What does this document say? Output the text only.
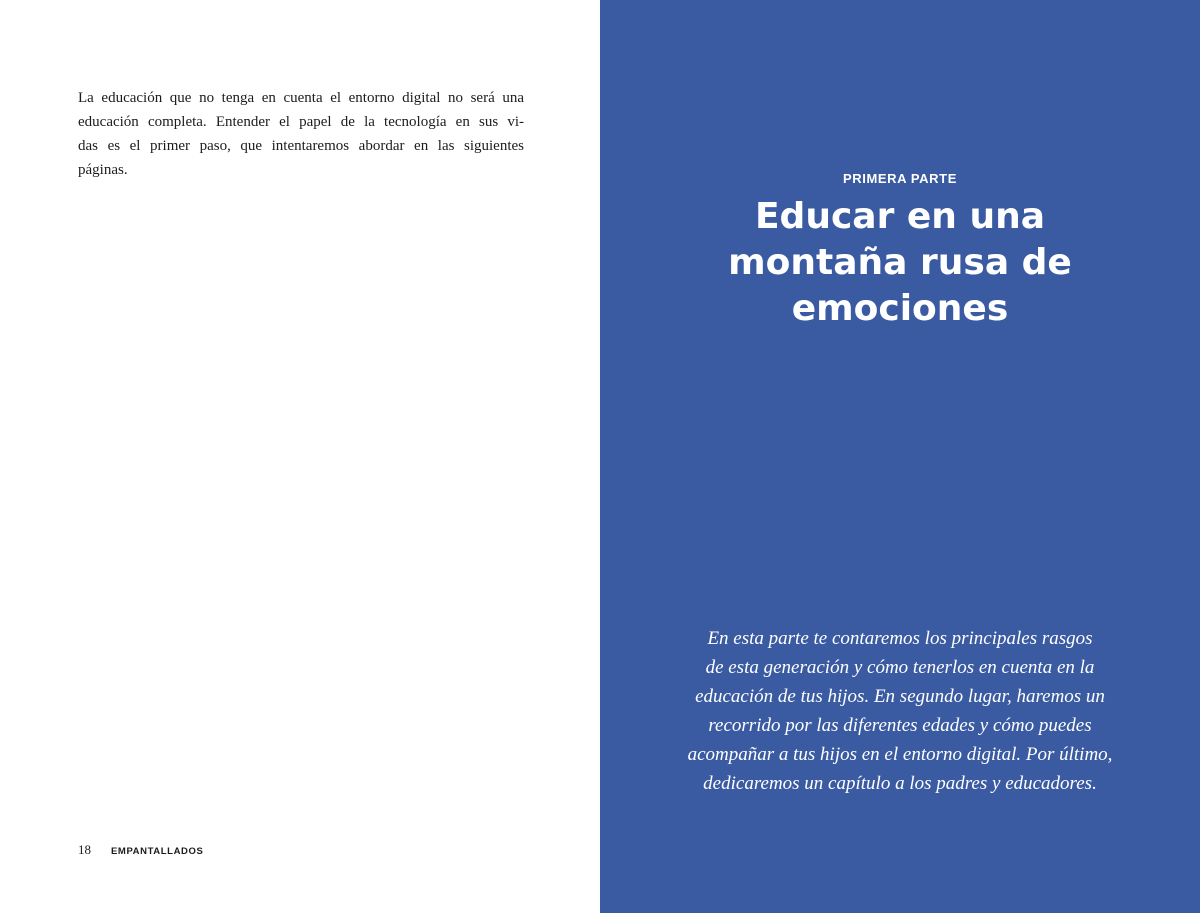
La educación que no tenga en cuenta el entorno digital no será una
educación completa. Entender el papel de la tecnología en sus vi-
das es el primer paso, que intentaremos abordar en las siguientes
páginas.

18 EMPANTALLADOS
PRIMERA PARTE
Educar en una
montaña rusa de
emociones

En esta parte te contaremos los principales rasgos
de esta generación y cómo tenerlos en cuenta en la
educación de tus hijos. En segundo lugar, haremos un
recorrido por las diferentes edades y cómo puedes
acompañar a tus hijos en el entorno digital. Por último,
dedicaremos un capítulo a los padres y educadores.
